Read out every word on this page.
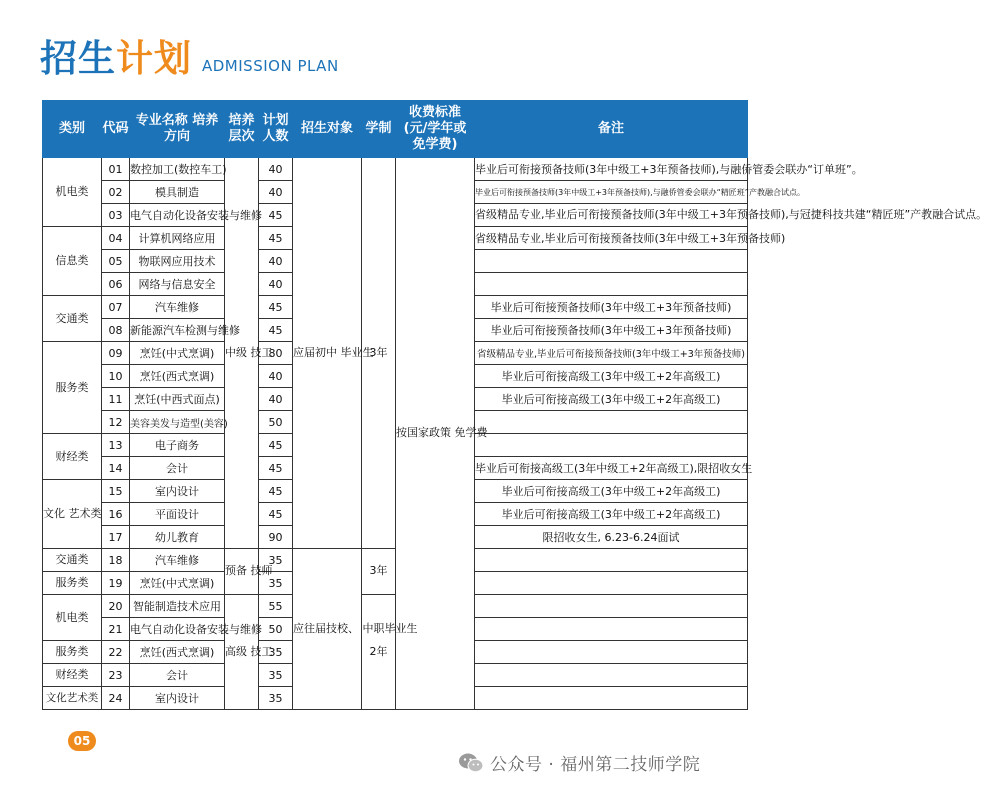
招生 计划 ADMISSION PLAN
类别	代码	专业名称 培养方向	培养 层次	计划 人数	招生对象	学制	收费标准 (元/学年或 免学费)	备注
机电类	01	数控加工(数控车工)	中级 技工	40	应届初中 毕业生	3年	按国家政策 免学费	毕业后可衔接预备技师(3年中级工+3年预备技师),与融侨管委会联办“订单班”。
	02	模具制造		40				毕业后可衔接预备技师(3年中级工+3年预备技师),与融侨管委会联办“精匠班”产教融合试点。
	03	电气自动化设备安装与维修		45				省级精品专业,毕业后可衔接预备技师(3年中级工+3年预备技师),与冠捷科技共建“精匠班”产教融合试点。
信息类	04	计算机网络应用		45				省级精品专业,毕业后可衔接预备技师(3年中级工+3年预备技师)
	05	物联网应用技术		40				
	06	网络与信息安全		40				
交通类	07	汽车维修		45				毕业后可衔接预备技师(3年中级工+3年预备技师)
	08	新能源汽车检测与维修		45				毕业后可衔接预备技师(3年中级工+3年预备技师)
服务类	09	烹饪(中式烹调)		80				省级精品专业,毕业后可衔接预备技师(3年中级工+3年预备技师)
	10	烹饪(西式烹调)		40				毕业后可衔接高级工(3年中级工+2年高级工)
	11	烹饪(中西式面点)		40				毕业后可衔接高级工(3年中级工+2年高级工)
	12	美容美发与造型(美容)		50				
财经类	13	电子商务		45				
	14	会计		45				毕业后可衔接高级工(3年中级工+2年高级工),限招收女生
文化 艺术类	15	室内设计		45				毕业后可衔接高级工(3年中级工+2年高级工)
	16	平面设计		45				毕业后可衔接高级工(3年中级工+2年高级工)
	17	幼儿教育		90				限招收女生, 6.23-6.24面试
交通类	18	汽车维修	预备 技师	35	应往届技校、 中职毕业生	3年		
服务类	19	烹饪(中式烹调)		35				
机电类	20	智能制造技术应用	高级 技工	55		2年		
	21	电气自动化设备安装与维修		50				
服务类	22	烹饪(西式烹调)		35				
财经类	23	会计		35				
文化艺术类	24	室内设计		35				
05
公众号 · 福州第二技师学院
